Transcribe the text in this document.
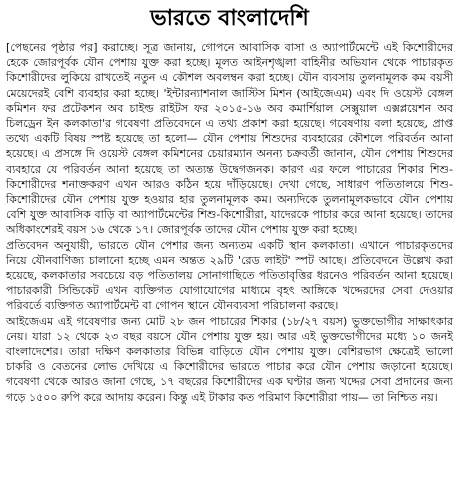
ভারতে বাংলাদেশি

[পেছনের পৃষ্ঠার পর] করাচ্ছে। সূত্র জানায়, গোপনে আবাসিক বাসা ও অ্যাপার্টমেন্টে এই কিশোরীদের হেকে জোরপূর্বক যৌন পেশায় যুক্ত করা হচ্ছে। মূলত আইনশৃঙ্খলা বাহিনীর অভিযান থেকে পাচারকৃত কিশোরীদের লুকিয়ে রাখতেই নতুন এ কৌশল অবলম্বন করা হচ্ছে। যৌন ব্যবসায় তুলনামূলক কম বয়সী মেয়েদেরই বেশি ব্যবহার করা হচ্ছে। 'ইন্টারন্যাশনাল জাস্টিস মিশন (আইজেএম) এবং দি ওয়েস্ট বেঙ্গল কমিশন ফর প্রটেকশন অব চাইল্ড রাইটস ফর ২০১৫-১৬ অব কমার্শিয়াল সেক্সুয়াল এক্সপ্লয়েশন অব চিলড্রেন ইন কলকাতা'র গবেষণা প্রতিবেদনে এ তথ্য প্রকাশ করা হয়েছে। গবেষণায় বলা হয়েছে, প্রাপ্ত তথ্যে একটি বিষয় স্পষ্ট হয়েছে তা হলো— যৌন পেশায় শিশুদের ব্যবহারের কৌশলে পরিবর্তন আনা হয়েছে। এ প্রসঙ্গে দি ওয়েস্ট বেঙ্গল কমিশনের চেয়ারম্যান অনন্য চক্রবর্তী জানান, যৌন পেশায় শিশুদের ব্যবহারে যে পরিবর্তন আনা হয়েছে তা অত্যন্ত উদ্বেগজনক। কারণ এর ফলে পাচারের শিকার শিশু-কিশোরীদের শনাক্তকরণ এখন আরও কঠিন হয়ে দাঁড়িয়েছে। দেখা গেছে, সাধারণ পতিতালয়ে শিশু-কিশোরীদের যৌন পেশায় যুক্ত হওয়ার হার তুলনামূলক কম। অন্যদিকে তুলনামূলকভাবে যৌন পেশায় বেশি যুক্ত আবাসিক বাড়ি বা অ্যাপার্টমেন্টের শিশু-কিশোরীরা, যাদেরকে পাচার করে আনা হয়েছে। তাদের অধিকাংশেরই বয়স ১৬ থেকে ১৭। জোরপূর্বক তাদের যৌন পেশায় যুক্ত করা হচ্ছে।

প্রতিবেদন অনুযায়ী, ভারতে যৌন পেশার জন্য অন্যতম একটি স্থান কলকাতা। এখানে পাচারকৃতদের নিয়ে যৌনবাণিজ্য চালানো হচ্ছে এমন অন্তত ২৯টি 'রেড লাইট' স্পট আছে। প্রতিবেদনে উল্লেখ করা হয়েছে, কলকাতার সবচেয়ে বড় পতিতালয় সোনাগাছিতে পতিতাবৃত্তির ধরনেও পরিবর্তন আনা হয়েছে। পাচারকারী সিন্ডিকেট এখন ব্যক্তিগত যোগাযোগের মাধ্যমে বৃহৎ আঙ্গিকে খদ্দেরদের সেবা দেওয়ার পরিবর্তে ব্যক্তিগত অ্যাপার্টমেন্ট বা গোপন স্থানে যৌনব্যবসা পরিচালনা করছে।

আইজেএম এই গবেষণার জন্য মোট ২৮ জন পাচারের শিকার (১৮/২৭ বয়স) ভুক্তভোগীর সাক্ষাৎকার নেয়। যারা ১২ থেকে ২৩ বছর বয়সে যৌন পেশায় যুক্ত হয়। আর এই ভুক্তভোগীদের মধ্যে ১০ জনই বাংলাদেশের। তারা দক্ষিণ কলকাতার বিভিন্ন বাড়িতে যৌন পেশায় যুক্ত। বেশিরভাগ ক্ষেত্রেই ভালো চাকরি ও বেতনের লোভ দেখিয়ে এ কিশোরীদের ভারতে পাচার করে যৌন পেশায় জড়ানো হয়েছে। গবেষণা থেকে আরও জানা গেছে, ১৭ বছরের কিশোরীদের এক ঘণ্টার জন্য খদ্দের সেবা প্রদানের জন্য গড়ে ১৫০০ রুপি করে আদায় করেন। কিন্তু এই টাকার কত পরিমাণ কিশোরীরা পায়— তা নিশ্চিত নয়।
